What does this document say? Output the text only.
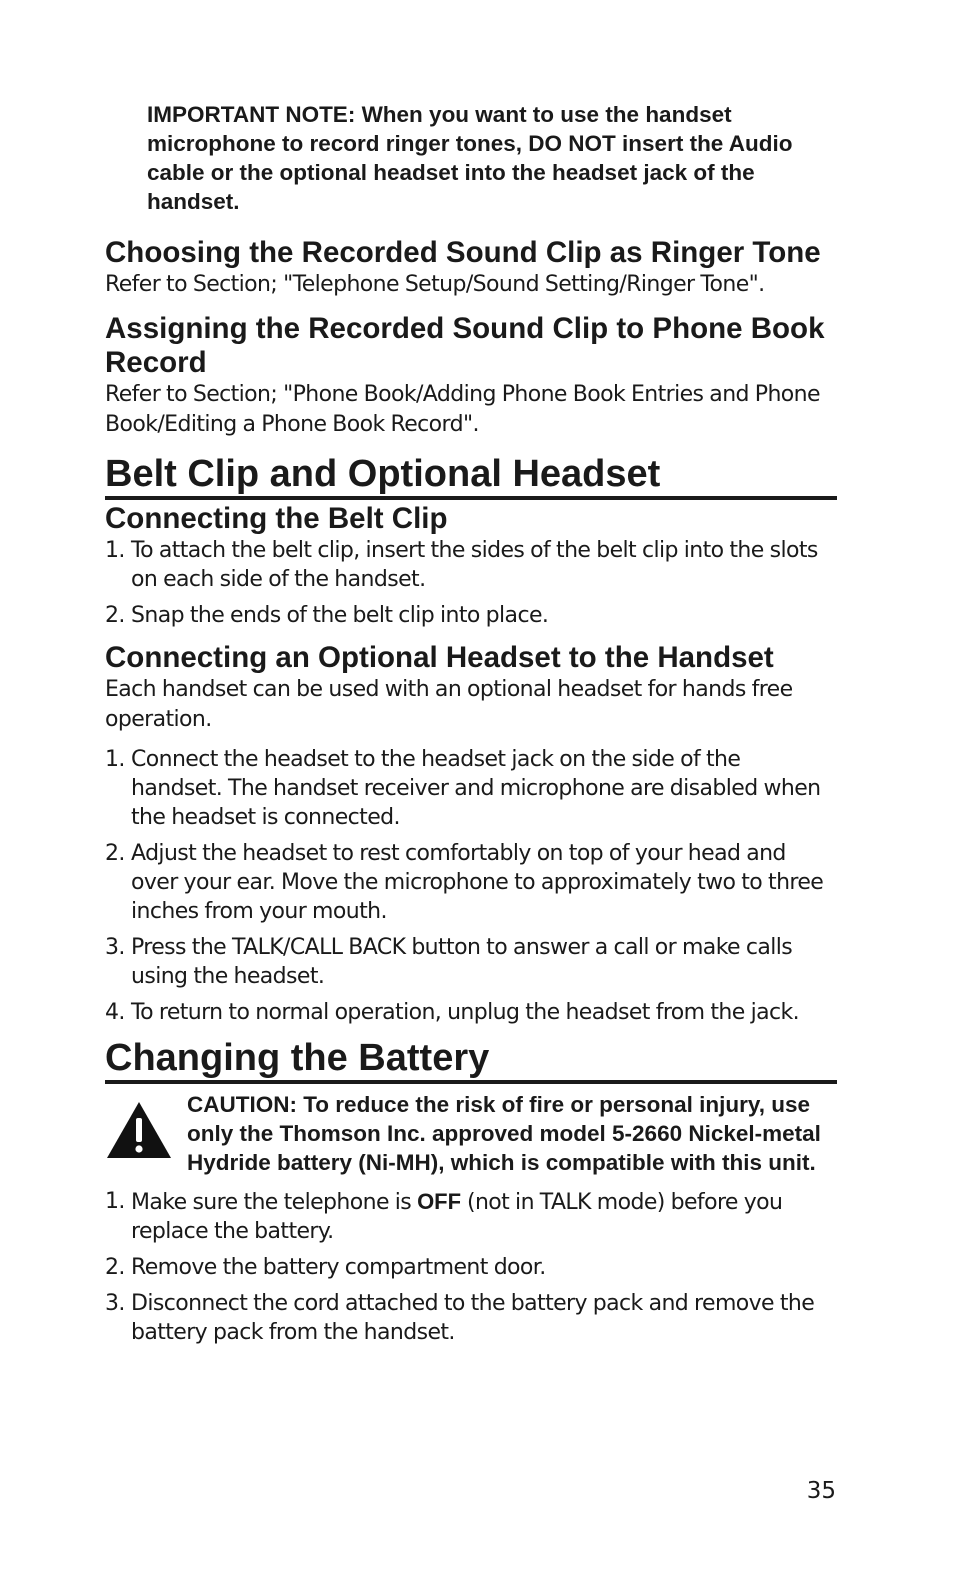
IMPORTANT NOTE: When you want to use the handset microphone to record ringer tones, DO NOT insert the Audio cable or the optional headset into the headset jack of the handset.

Choosing the Recorded Sound Clip as Ringer Tone

Refer to Section; "Telephone Setup/Sound Setting/Ringer Tone".

Assigning the Recorded Sound Clip to Phone Book Record

Refer to Section; "Phone Book/Adding Phone Book Entries and Phone Book/Editing a Phone Book Record".

Belt Clip and Optional Headset
Connecting the Belt Clip
1. To attach the belt clip, insert the sides of the belt clip into the slots on each side of the handset.
2. Snap the ends of the belt clip into place.
Connecting an Optional Headset to the Handset

Each handset can be used with an optional headset for hands free operation.

1. Connect the headset to the headset jack on the side of the handset. The handset receiver and microphone are disabled when the headset is connected.
2. Adjust the headset to rest comfortably on top of your head and over your ear. Move the microphone to approximately two to three inches from your mouth.
3. Press the TALK/CALL BACK button to answer a call or make calls using the headset.
4. To return to normal operation, unplug the headset from the jack.
Changing the Battery
CAUTION: To reduce the risk of fire or personal injury, use only the Thomson Inc. approved model 5-2660 Nickel-metal Hydride battery (Ni-MH), which is compatible with this unit.
1. Make sure the telephone is OFF (not in TALK mode) before you replace the battery.
2. Remove the battery compartment door.
3. Disconnect the cord attached to the battery pack and remove the battery pack from the handset.
35
